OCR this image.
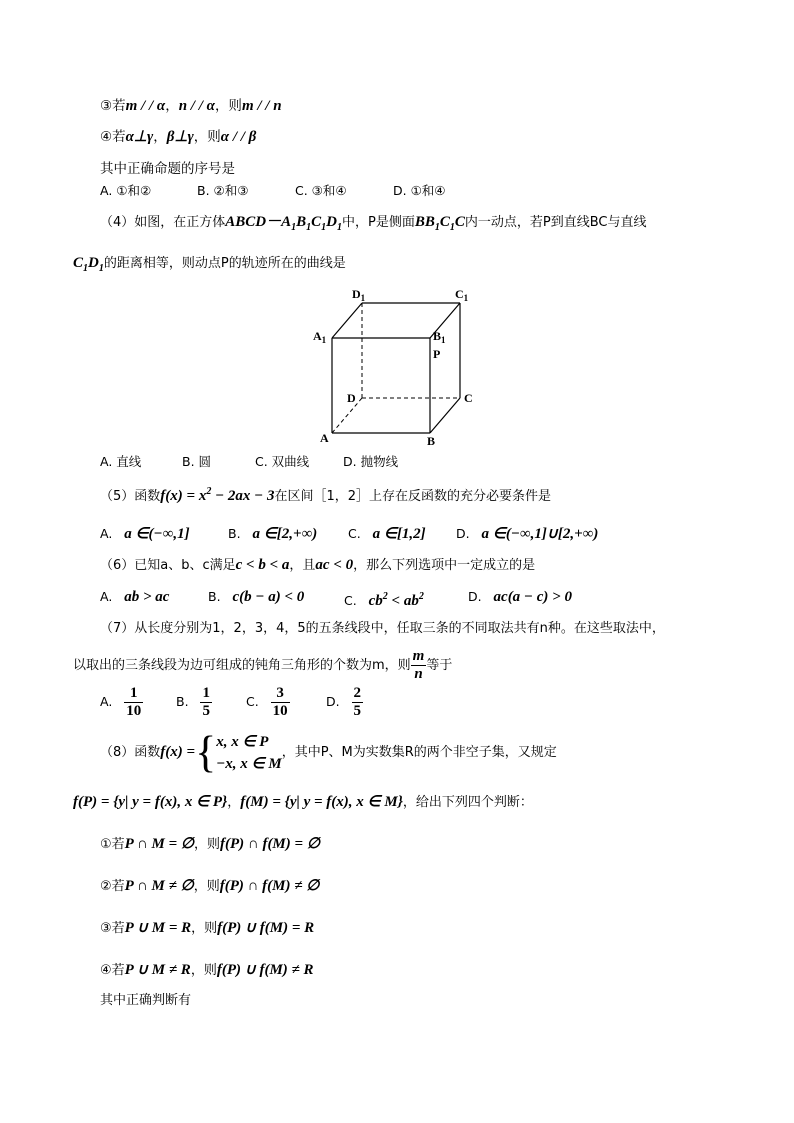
③若m / / α，n / / α，则m / / n
④若α⊥γ，β⊥γ，则α / / β
其中正确命题的序号是
A. ①和②	B. ②和③	C. ③和④	D. ①和④
（4）如图，在正方体$ABCD-A_1B_1C_1D_1$中，P是侧面$BB_1C_1C$内一动点，若P到直线BC与直线
$C_1D_1$的距离相等，则动点P的轨迹所在的曲线是
$D_1$	$C_1$
$A_1$	$B_1$
P
D	C
A	B
A. 直线	B. 圆	C. 双曲线	D. 抛物线
（5）函数$f(x) = x^2 - 2ax - 3$在区间［1，2］上存在反函数的充分必要条件是
A. a ∈(−∞,1]	B. a ∈[2,+∞) C. a ∈[1,2] D. a ∈(−∞,1]∪[2,+∞)
（6）已知a、b、c满足c < b < a，且ac < 0，那么下列选项中一定成立的是
A. ab > ac	B. c(b − a) < 0	C. $cb^2 < ab^2$	D. ac(a − c) > 0
（7）从长度分别为1，2，3，4，5的五条线段中，任取三条的不同取法共有n种。在这些取法中，
以取出的三条线段为边可组成的钝角三角形的个数为m，则 $\frac{m}{n}$ 等于
A. $\frac{1}{10}$	B. $\frac{1}{5}$	C. $\frac{3}{10}$	D. $\frac{2}{5}$
（8）函数f(x) ={ x, x ∈ P
−x, x ∈ M
，其中P、M为实数集R的两个非空子集，又规定
f(P) = {y| y = f(x), x ∈ P}，f(M) = {y| y = f(x), x ∈ M}，给出下列四个判断：
①若P ∩ M = ∅，则f(P) ∩ f(M) = ∅
②若P ∩ M ≠ ∅，则f(P) ∩ f(M) ≠ ∅
③若P ∪ M = R，则f(P) ∪ f(M) = R
④若P ∪ M ≠ R，则f(P) ∪ f(M) ≠ R
其中正确判断有
